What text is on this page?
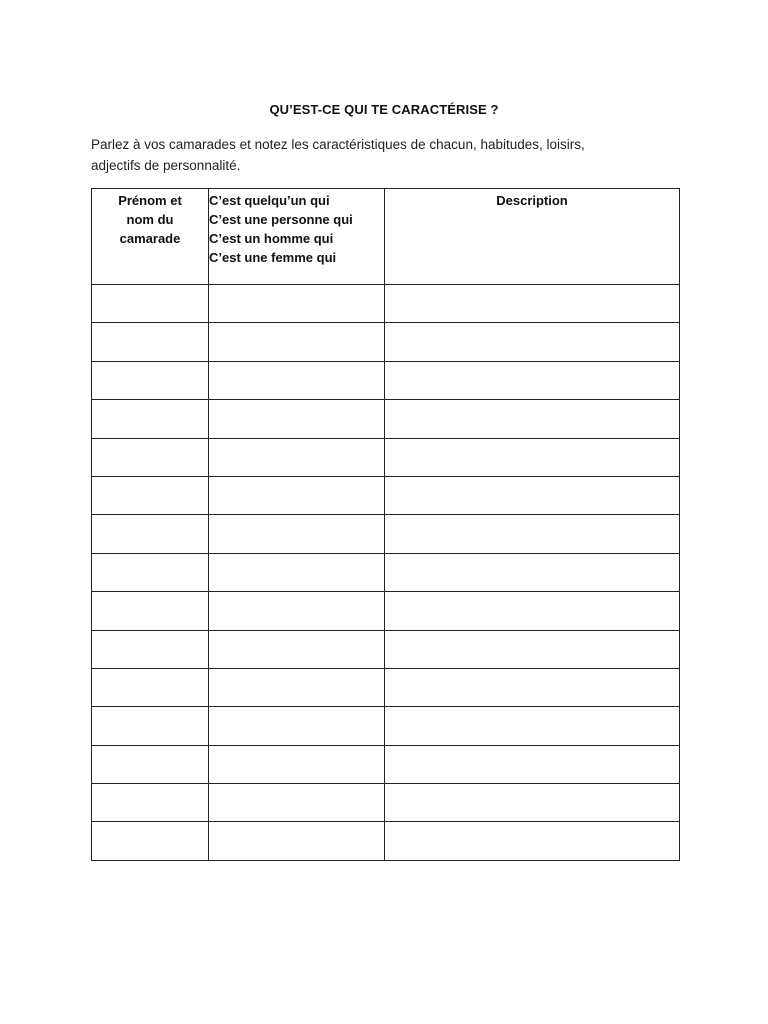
QU’EST-CE QUI TE CARACTÉRISE ?
Parlez à vos camarades et notez les caractéristiques de chacun, habitudes, loisirs,
adjectifs de personnalité.
Prénom et
nom du
camarade	C’est quelqu’un qui
C’est une personne qui
C’est un homme qui
C’est une femme qui	Description
